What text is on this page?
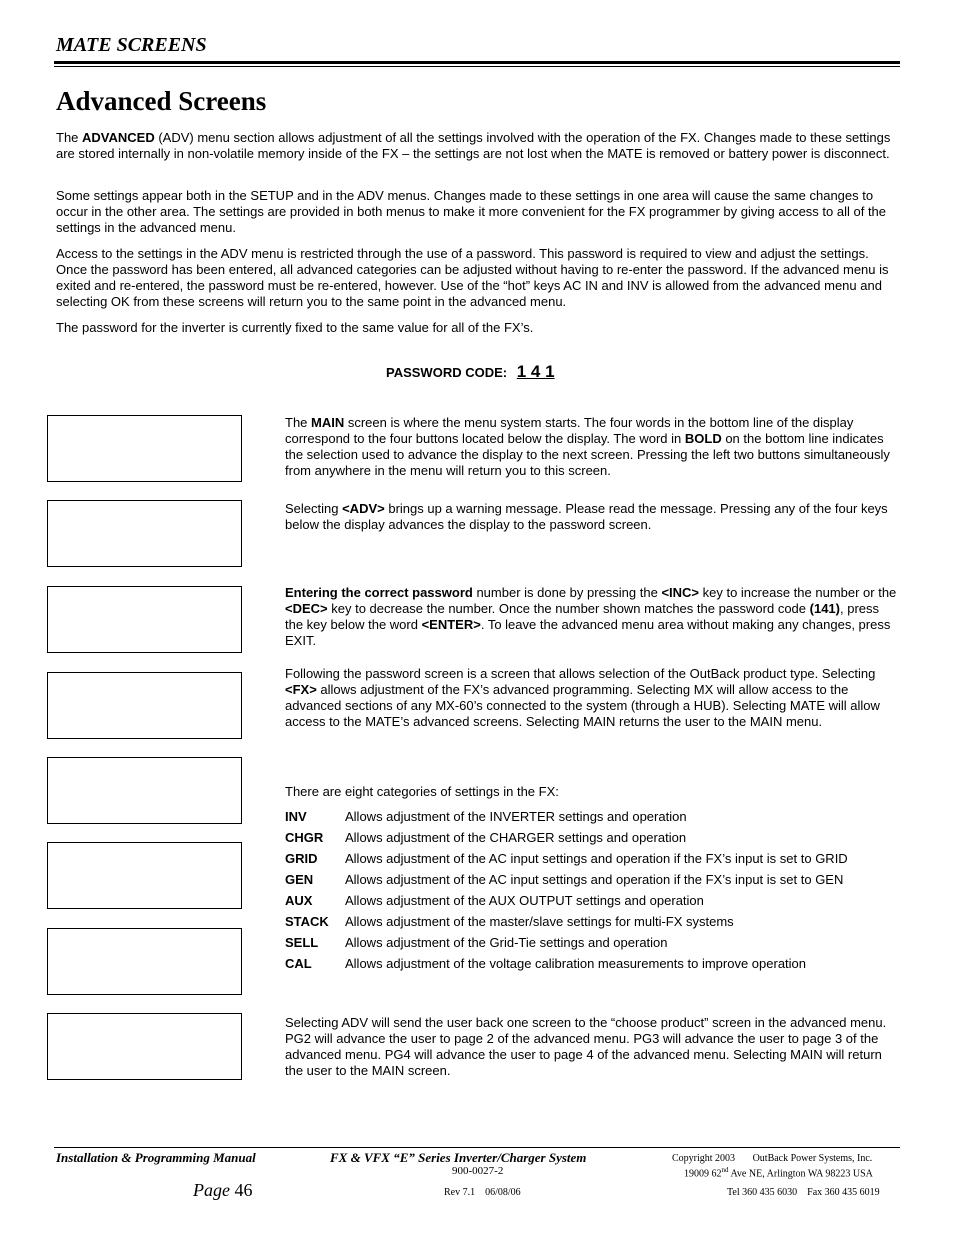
MATE SCREENS
Advanced Screens

The ADVANCED (ADV) menu section allows adjustment of all the settings involved with the operation of the FX. Changes made to these settings are stored internally in non-volatile memory inside of the FX – the settings are not lost when the MATE is removed or battery power is disconnect.

Some settings appear both in the SETUP and in the ADV menus. Changes made to these settings in one area will cause the same changes to occur in the other area. The settings are provided in both menus to make it more convenient for the FX programmer by giving access to all of the settings in the advanced menu.

Access to the settings in the ADV menu is restricted through the use of a password. This password is required to view and adjust the settings. Once the password has been entered, all advanced categories can be adjusted without having to re-enter the password. If the advanced menu is exited and re-entered, the password must be re-entered, however. Use of the “hot” keys AC IN and INV is allowed from the advanced menu and selecting OK from these screens will return you to the same point in the advanced menu.

The password for the inverter is currently fixed to the same value for all of the FX’s.

PASSWORD CODE: 1 4 1

The MAIN screen is where the menu system starts. The four words in the bottom line of the display correspond to the four buttons located below the display. The word in BOLD on the bottom line indicates the selection used to advance the display to the next screen. Pressing the left two buttons simultaneously from anywhere in the menu will return you to this screen.

Selecting <ADV> brings up a warning message. Please read the message. Pressing any of the four keys below the display advances the display to the password screen.

Entering the correct password number is done by pressing the <INC> key to increase the number or the <DEC> key to decrease the number. Once the number shown matches the password code (141), press the key below the word <ENTER>. To leave the advanced menu area without making any changes, press EXIT.

Following the password screen is a screen that allows selection of the OutBack product type. Selecting <FX> allows adjustment of the FX’s advanced programming. Selecting MX will allow access to the advanced sections of any MX-60’s connected to the system (through a HUB). Selecting MATE will allow access to the MATE’s advanced screens. Selecting MAIN returns the user to the MAIN menu.

There are eight categories of settings in the FX:

INV	Allows adjustment of the INVERTER settings and operation
CHGR Allows adjustment of the CHARGER settings and operation
GRID Allows adjustment of the AC input settings and operation if the FX’s input is set to GRID
GEN Allows adjustment of the AC input settings and operation if the FX’s input is set to GEN
AUX	Allows adjustment of the AUX OUTPUT settings and operation
STACK Allows adjustment of the master/slave settings for multi-FX systems
SELL Allows adjustment of the Grid-Tie settings and operation
CAL	Allows adjustment of the voltage calibration measurements to improve operation

Selecting ADV will send the user back one screen to the “choose product” screen in the advanced menu. PG2 will advance the user to page 2 of the advanced menu. PG3 will advance the user to page 3 of the advanced menu. PG4 will advance the user to page 4 of the advanced menu. Selecting MAIN will return the user to the MAIN screen.

Installation & Programming Manual	FX & VFX “E” Series Inverter/Charger System
900-0027-2
Page 46	Rev 7.1 06/08/06
Copyright 2003 OutBack Power Systems, Inc.
19009 62nd Ave NE, Arlington WA 98223 USA
Tel 360 435 6030 Fax 360 435 6019
